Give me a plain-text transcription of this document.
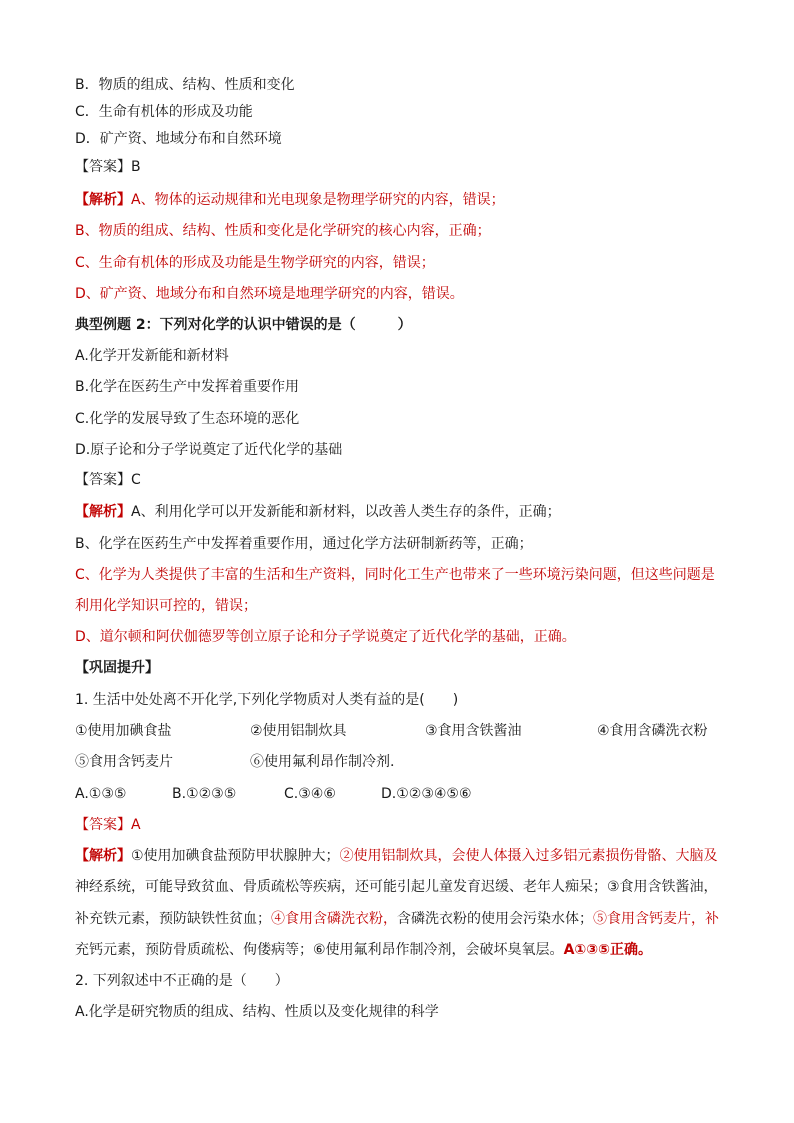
B．物质的组成、结构、性质和变化
C．生命有机体的形成及功能
D．矿产资、地域分布和自然环境
【答案】B
【解析】A、物体的运动规律和光电现象是物理学研究的内容，错误；
B、物质的组成、结构、性质和变化是化学研究的核心内容，正确；
C、生命有机体的形成及功能是生物学研究的内容，错误；
D、矿产资、地域分布和自然环境是地理学研究的内容，错误。
典型例题 2：下列对化学的认识中错误的是（　　　）
A.化学开发新能和新材料
B.化学在医药生产中发挥着重要作用
C.化学的发展导致了生态环境的恶化
D.原子论和分子学说奠定了近代化学的基础
【答案】C
【解析】A、利用化学可以开发新能和新材料，以改善人类生存的条件，正确；
B、化学在医药生产中发挥着重要作用，通过化学方法研制新药等，正确；
C、化学为人类提供了丰富的生活和生产资料，同时化工生产也带来了一些环境污染问题，但这些问题是
利用化学知识可控的，错误；
D、道尔顿和阿伏伽德罗等创立原子论和分子学说奠定了近代化学的基础，正确。
【巩固提升】
1. 生活中处处离不开化学,下列化学物质对人类有益的是(　　)
①使用加碘食盐	②使用铝制炊具	③食用含铁酱油	④食用含磷洗衣粉
⑤食用含钙麦片	⑥使用氟利昂作制冷剂.
A.①③⑤	B.①②③⑤	C.③④⑥	D.①②③④⑤⑥
【答案】A
【解析】①使用加碘食盐预防甲状腺肿大；②使用铝制炊具，会使人体摄入过多铝元素损伤骨骼、大脑及
神经系统，可能导致贫血、骨质疏松等疾病，还可能引起儿童发育迟缓、老年人痴呆；③食用含铁酱油，
补充铁元素，预防缺铁性贫血；④食用含磷洗衣粉，含磷洗衣粉的使用会污染水体；⑤食用含钙麦片，补
充钙元素，预防骨质疏松、佝偻病等；⑥使用氟利昂作制冷剂，会破坏臭氧层。A①③⑤正确。
2. 下列叙述中不正确的是（　　）
A.化学是研究物质的组成、结构、性质以及变化规律的科学
